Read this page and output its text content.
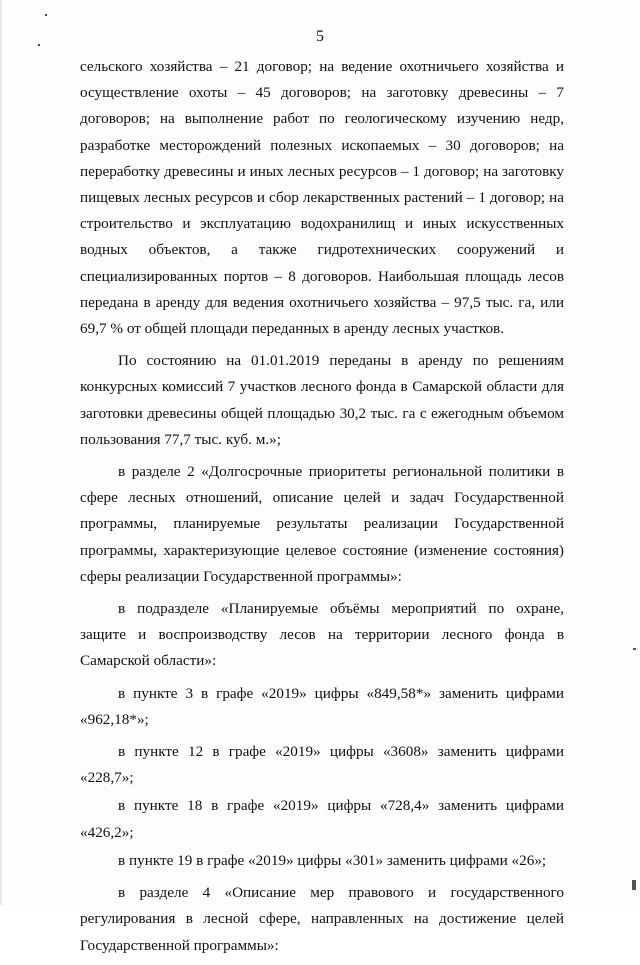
5

сельского хозяйства – 21 договор; на ведение охотничьего хозяйства и осуществление охоты – 45 договоров; на заготовку древесины – 7 договоров; на выполнение работ по геологическому изучению недр, разработке месторождений полезных ископаемых – 30 договоров; на переработку древесины и иных лесных ресурсов – 1 договор; на заготовку пищевых лесных ресурсов и сбор лекарственных растений – 1 договор; на строительство и эксплуатацию водохранилищ и иных искусственных водных объектов, а также гидротехнических сооружений и специализированных портов – 8 договоров. Наибольшая площадь лесов передана в аренду для ведения охотничьего хозяйства – 97,5 тыс. га, или 69,7 % от общей площади переданных в аренду лесных участков.

По состоянию на 01.01.2019 переданы в аренду по решениям конкурсных комиссий 7 участков лесного фонда в Самарской области для заготовки древесины общей площадью 30,2 тыс. га с ежегодным объемом пользования 77,7 тыс. куб. м.»;

в разделе 2 «Долгосрочные приоритеты региональной политики в сфере лесных отношений, описание целей и задач Государственной программы, планируемые результаты реализации Государственной программы, характеризующие целевое состояние (изменение состояния) сферы реализации Государственной программы»:

в подразделе «Планируемые объёмы мероприятий по охране, защите и воспроизводству лесов на территории лесного фонда в Самарской области»:

в пункте 3 в графе «2019» цифры «849,58*» заменить цифрами «962,18*»;

в пункте 12 в графе «2019» цифры «3608» заменить цифрами «228,7»;

в пункте 18 в графе «2019» цифры «728,4» заменить цифрами «426,2»;

в пункте 19 в графе «2019» цифры «301» заменить цифрами «26»;

в разделе 4 «Описание мер правового и государственного регулирования в лесной сфере, направленных на достижение целей Государственной программы»:
